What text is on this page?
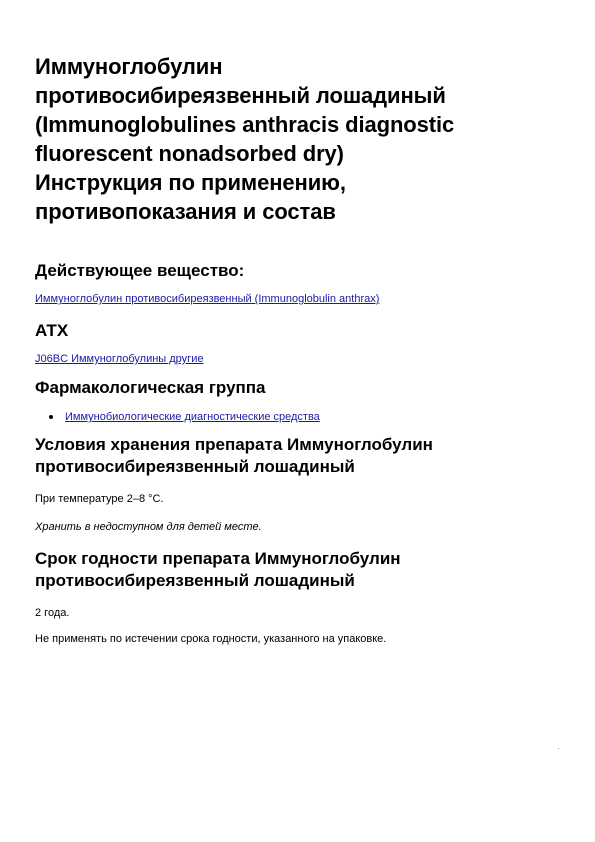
Иммуноглобулин
противосибиреязвенный лошадиный
(Immunoglobulines anthracis diagnostic
fluorescent nonadsorbed dry)
Инструкция по применению,
противопоказания и состав
Действующее вещество:

Иммуноглобулин противосибиреязвенный (Immunoglobulin anthrax)

АТХ

J06BC Иммуноглобулины другие

Фармакологическая группа
Иммунобиологические диагностические средства
Условия хранения препарата Иммуноглобулин
противосибиреязвенный лошадиный

При температуре 2–8 °C.

Хранить в недоступном для детей месте.

Срок годности препарата Иммуноглобулин
противосибиреязвенный лошадиный

2 года.

Не применять по истечении срока годности, указанного на упаковке.
